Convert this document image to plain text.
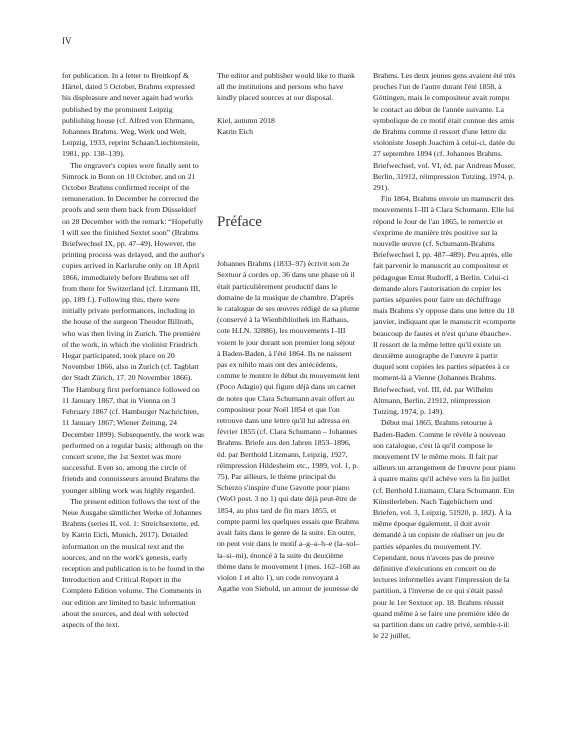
IV

for publication. In a letter to Breitkopf & Härtel, dated 5 October, Brahms expressed his displeasure and never again had works published by the prominent Leipzig publishing house (cf. Alfred von Ehrmann, Johannes Brahms. Weg, Werk und Welt, Leipzig, 1933, reprint Schaan/Liechtenstein, 1981, pp. 138–139).

The engraver's copies were finally sent to Simrock in Bonn on 10 October, and on 21 October Brahms confirmed receipt of the remuneration. In December he corrected the proofs and sent them back from Düsseldorf on 28 December with the remark: “Hopefully I will see the finished Sextet soon” (Brahms Briefwechsel IX, pp. 47–49). However, the printing process was delayed, and the author's copies arrived in Karlsruhe only on 18 April 1866, immediately before Brahms set off from there for Switzerland (cf. Litzmann III, pp. 189 f.). Following this, there were initially private performances, including in the house of the surgeon Theodor Billroth, who was then living in Zurich. The première of the work, in which the violinist Friedrich Hegar participated, took place on 20 November 1866, also in Zurich (cf. Tagblatt der Stadt Zürich, 17. 20 November 1866). The Hamburg first performance followed on 11 January 1867, that in Vienna on 3 February 1867 (cf. Hamburger Nachrichten, 11 January 1867; Wiener Zeitung, 24 December 1899). Subsequently, the work was performed on a regular basis; although on the concert scene, the 1st Sextet was more successful. Even so, among the circle of friends and connoisseurs around Brahms the younger sibling work was highly regarded.

The present edition follows the text of the Neue Ausgabe sämtlicher Werke of Johannes Brahms (series II, vol. 1: Streichsextette, ed. by Katrin Eich, Munich, 2017). Detailed information on the musical text and the sources, and on the work's genesis, early reception and publication is to be found in the Introduction and Critical Report in the Complete Edition volume. The Comments in our edition are limited to basic information about the sources, and deal with selected aspects of the text.

The editor and publisher would like to thank all the institutions and persons who have kindly placed sources at our disposal.

Kiel, autumn 2018
Katrin Eich

Préface

Johannes Brahms (1833–97) écrivit son 2e Sextuor à cordes op. 36 dans une phase où il était particulièrement productif dans le domaine de la musique de chambre. D'après le catalogue de ses œuvres rédigé de sa plume (conservé à la Wienbibliothek im Rathaus, cote H.I.N. 32886), les mouvements I–III voient le jour durant son premier long séjour à Baden-Baden, à l'été 1864. Ils ne naissent pas ex nihilo mais ont des antécédents, comme le montre le début du mouvement lent (Poco Adagio) qui figure déjà dans un carnet de notes que Clara Schumann avait offert au compositeur pour Noël 1854 et que l'on retrouve dans une lettre qu'il lui adressa en février 1855 (cf. Clara Schumann – Johannes Brahms. Briefe aus den Jahren 1853–1896, éd. par Berthold Litzmann, Leipzig, 1927, réimpression Hildesheim etc., 1989, vol. 1, p. 75). Par ailleurs, le thème principal du Scherzo s'inspire d'une Gavotte pour piano (WoO post. 3 no 1) qui date déjà peut-être de 1854, au plus tard de fin mars 1855, et compte parmi les quelques essais que Brahms avait faits dans le genre de la suite. En outre, on peut voir dans le motif a–g–a–h–e (la–sol–la–si–mi), énoncé à la suite du deuxième thème dans le mouvement I (mes. 162–168 au violon 1 et alto 1), un code renvoyant à Agathe von Siebold, un amour de jeunesse de

Brahms. Les deux jeunes gens avaient été très proches l'un de l'autre durant l'été 1858, à Göttingen, mais le compositeur avait rompu le contact au début de l'année suivante. La symbolique de ce motif était connue des amis de Brahms comme il ressort d'une lettre du violoniste Joseph Joachim à celui-ci, datée du 27 septembre 1894 (cf. Johannes Brahms. Briefwechsel, vol. VI, éd. par Andreas Moser, Berlin, 31912, réimpression Tutzing, 1974, p. 291).

Fin 1864, Brahms envoie un manuscrit des mouvements I–III à Clara Schumann. Elle lui répond le Jour de l'an 1865, le remercie et s'exprime de manière très positive sur la nouvelle œuvre (cf. Schumann-Brahms Briefwechsel I, pp. 487–489). Peu après, elle fait parvenir le manuscrit au compositeur et pédagogue Ernst Rudorff, à Berlin. Celui-ci demande alors l'autorisation de copier les parties séparées pour faire un déchiffrage mais Brahms s'y oppose dans une lettre du 18 janvier, indiquant que le manuscrit «comporte beaucoup de fautes et n'est qu'une ébauche». Il ressort de la même lettre qu'il existe un deuxième autographe de l'œuvre à partir duquel sont copiées les parties séparées à ce moment-là à Vienne (Johannes Brahms. Briefwechsel, vol. III, éd. par Wilhelm Altmann, Berlin, 21912, réimpression Tutzing, 1974, p. 149).

Début mai 1865, Brahms retourne à Baden-Baden. Comme le révèle à nouveau son catalogue, c'est là qu'il compose le mouvement IV le même mois. Il fait par ailleurs un arrangement de l'œuvre pour piano à quatre mains qu'il achève vers la fin juillet (cf. Berthold Litzmann, Clara Schumann. Ein Künstlerleben. Nach Tagebüchern und Briefen, vol. 3, Leipzig, 51920, p. 182). À la même époque également, il doit avoir demandé à un copiste de réaliser un jeu de parties séparées du mouvement IV. Cependant, nous n'avons pas de preuve définitive d'exécutions en concert ou de lectures informelles avant l'impression de la partition, à l'inverse de ce qui s'était passé pour le 1er Sextuor op. 18. Brahms réussit quand même à se faire une première idée de sa partition dans un cadre privé, semble-t-il: le 22 juillet,
